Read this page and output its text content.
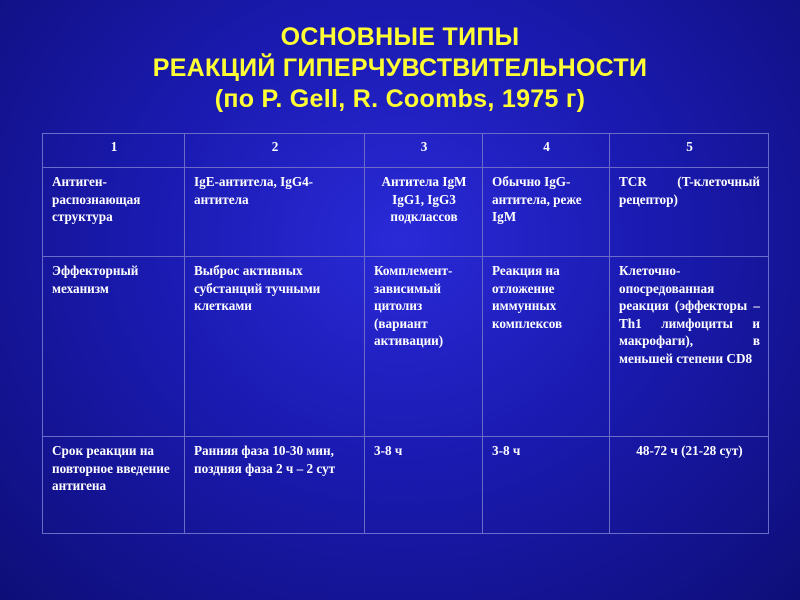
ОСНОВНЫЕ ТИПЫ
РЕАКЦИЙ ГИПЕРЧУВСТВИТЕЛЬНОСТИ
(по P. Gell, R. Coombs, 1975 г)
1	2	3	4	5
Антиген-распознающая структура	IgE-антитела, IgG4-антитела	Антитела IgM IgG1, IgG3 подклассов	Обычно IgG-антитела, реже IgM	TCR (T-клеточный рецептор)
Эффекторный механизм	Выброс активных субстанций тучными клетками	Комплемент-зависимый цитолиз (вариант активации)	Реакция на отложение иммунных комплексов	Клеточно-опосредованная реакция (эффекторы – Th1 лимфоциты и макрофаги), в меньшей степени CD8
Срок реакции на повторное введение антигена	Ранняя фаза 10-30 мин, поздняя фаза 2 ч – 2 сут	3-8 ч	3-8 ч	48-72 ч (21-28 сут)
